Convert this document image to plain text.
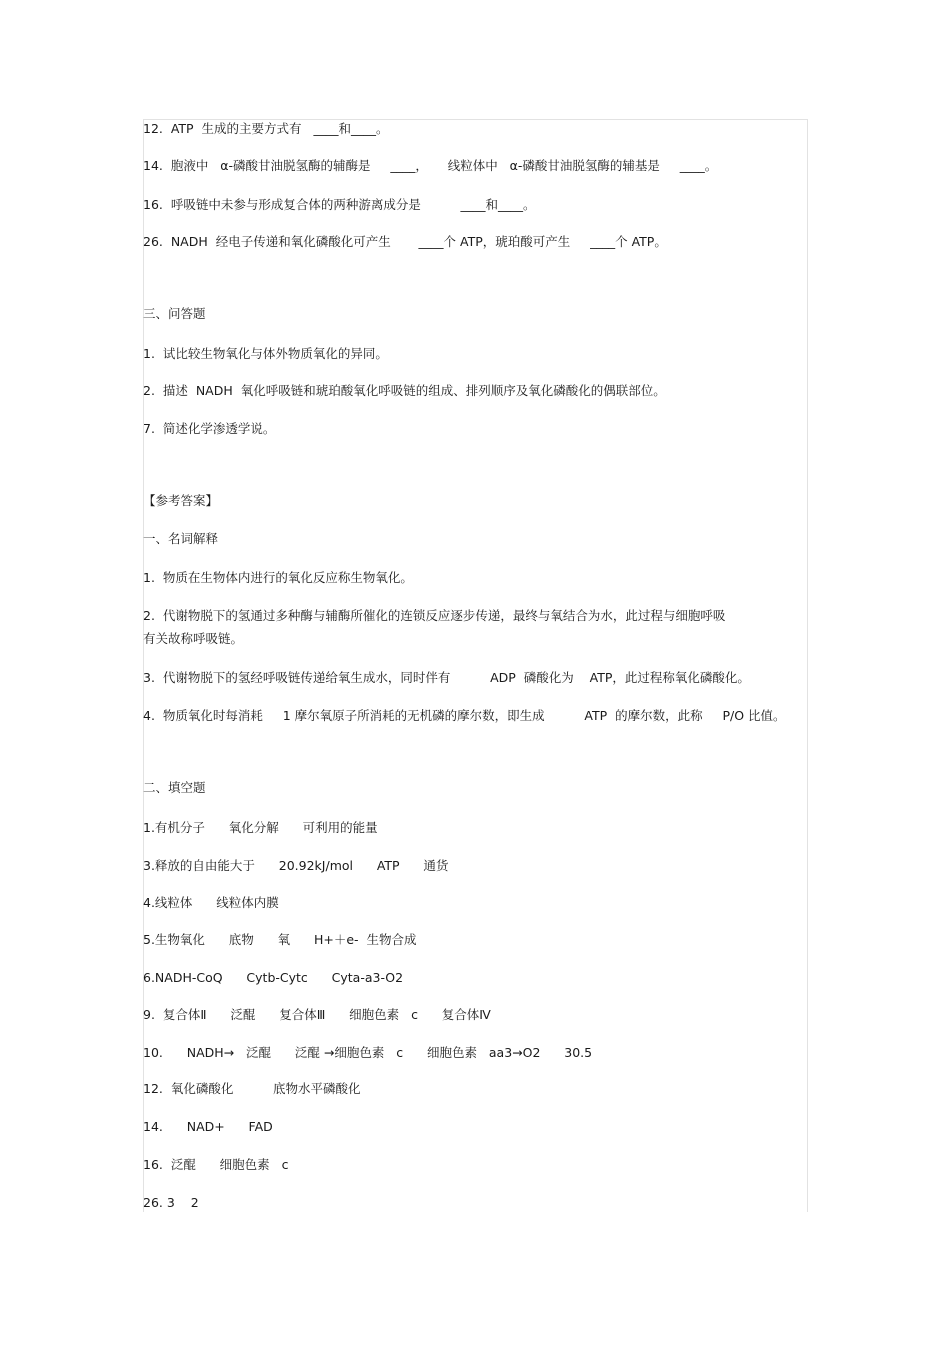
12.  ATP  生成的主要方式有   ____和____。
14.  胞液中   α-磷酸甘油脱氢酶的辅酶是     ____，     线粒体中   α-磷酸甘油脱氢酶的辅基是     ____。
16.  呼吸链中未参与形成复合体的两种游离成分是          ____和____。
26.  NADH  经电子传递和氧化磷酸化可产生       ____个 ATP，琥珀酸可产生     ____个 ATP。
三、问答题
1.  试比较生物氧化与体外物质氧化的异同。
2.  描述  NADH  氧化呼吸链和琥珀酸氧化呼吸链的组成、排列顺序及氧化磷酸化的偶联部位。
7.  简述化学渗透学说。
【参考答案】
一、名词解释
1.  物质在生物体内进行的氧化反应称生物氧化。
2.  代谢物脱下的氢通过多种酶与辅酶所催化的连锁反应逐步传递，最终与氧结合为水，此过程与细胞呼吸
有关故称呼吸链。
3.  代谢物脱下的氢经呼吸链传递给氧生成水，同时伴有          ADP  磷酸化为    ATP，此过程称氧化磷酸化。
4.  物质氧化时每消耗     1 摩尔氧原子所消耗的无机磷的摩尔数，即生成          ATP  的摩尔数，此称     P/O 比值。
二、填空题
1.有机分子      氧化分解      可利用的能量
3.释放的自由能大于      20.92kJ/mol      ATP      通货
4.线粒体      线粒体内膜
5.生物氧化      底物      氧      H+＋e-  生物合成
6.NADH-CoQ      Cytb-Cytc      Cyta-a3-O2
9.  复合体Ⅱ      泛醌      复合体Ⅲ      细胞色素   c      复合体Ⅳ
10.      NADH→   泛醌      泛醌 →细胞色素   c      细胞色素   aa3→O2      30.5
12.  氧化磷酸化          底物水平磷酸化
14.      NAD+      FAD
16.  泛醌      细胞色素   c
26. 3    2
